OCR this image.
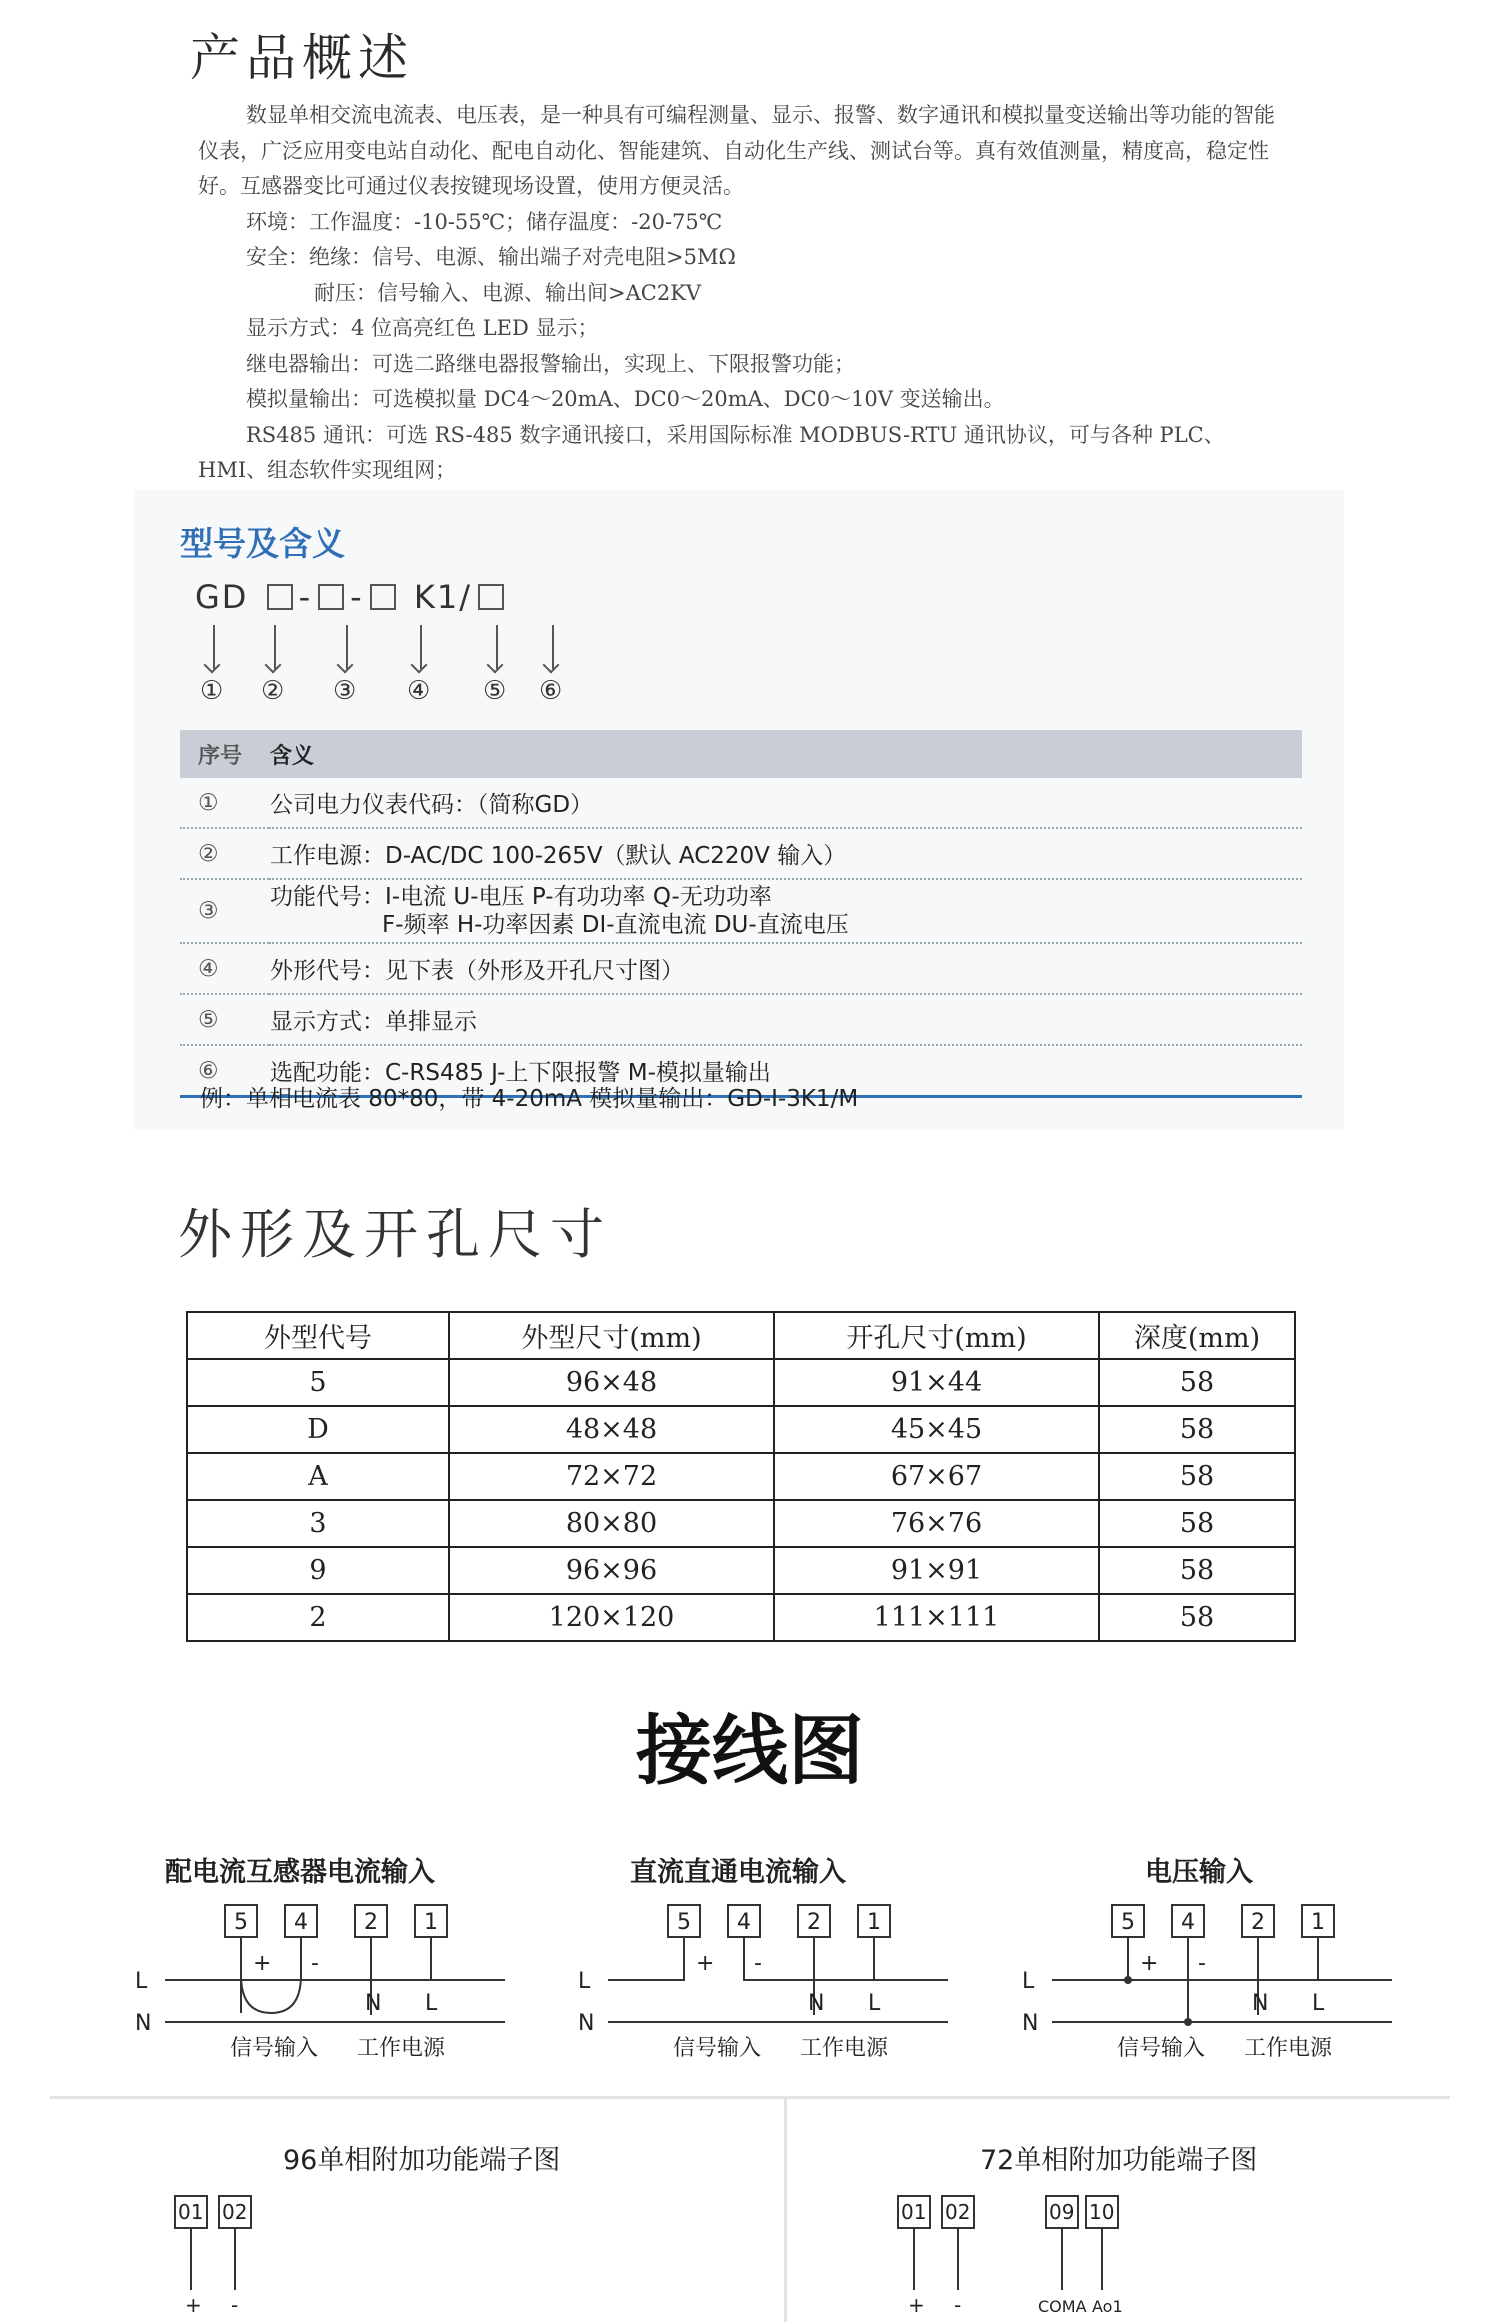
产品概述

数显单相交流电流表、电压表，是一种具有可编程测量、显示、报警、数字通讯和模拟量变送输出等功能的智能仪表，广泛应用变电站自动化、配电自动化、智能建筑、自动化生产线、测试台等。真有效值测量，精度高，稳定性好。互感器变比可通过仪表按键现场设置，使用方便灵活。

环境：工作温度：-10-55℃；储存温度：-20-75℃

安全：绝缘：信号、电源、输出端子对壳电阻>5MΩ

耐压：信号输入、电源、输出间>AC2KV

显示方式：4 位高亮红色 LED 显示；

继电器输出：可选二路继电器报警输出，实现上、下限报警功能；

模拟量输出：可选模拟量 DC4～20mA、DC0～20mA、DC0～10V 变送输出。

RS485 通讯：可选 RS-485 数字通讯接口，采用国际标准 MODBUS-RTU 通讯协议，可与各种 PLC、HMI、组态软件实现组网；

型号及含义
GD - - K1/
① ② ③ ④ ⑤ ⑥
序号	含义
①	公司电力仪表代码：（简称GD）
②	工作电源：D-AC/DC 100-265V（默认 AC220V 输入）
③	功能代号：I-电流 U-电压 P-有功功率 Q-无功功率
F-频率 H-功率因素 DI-直流电流 DU-直流电压

④	外形代号：见下表（外形及开孔尺寸图）
⑤	显示方式：单排显示
⑥	选配功能：C-RS485 J-上下限报警 M-模拟量输出
例：单相电流表 80*80，带 4-20mA 模拟量输出：GD-I-3K1/M
外形及开孔尺寸
外型代号	外型尺寸(mm)	开孔尺寸(mm)	深度(mm)
5	96×48	91×44	58
D	48×48	45×45	58
A	72×72	67×67	58
3	80×80	76×76	58
9	96×96	91×91	58
2	120×120	111×111	58
接线图
配电流互感器电流输入
5 4	2 1
+ -
L
N
N L
信号输入 工作电源
直流直通电流输入
5 4	2 1
+ -
L
N
N L
信号输入 工作电源
电压输入
5 4	2 1
+ -
L
N
N L
信号输入 工作电源
96单相附加功能端子图
01 02
+ -
72单相附加功能端子图
01 02	09 10
+ -	COMA Ao1
